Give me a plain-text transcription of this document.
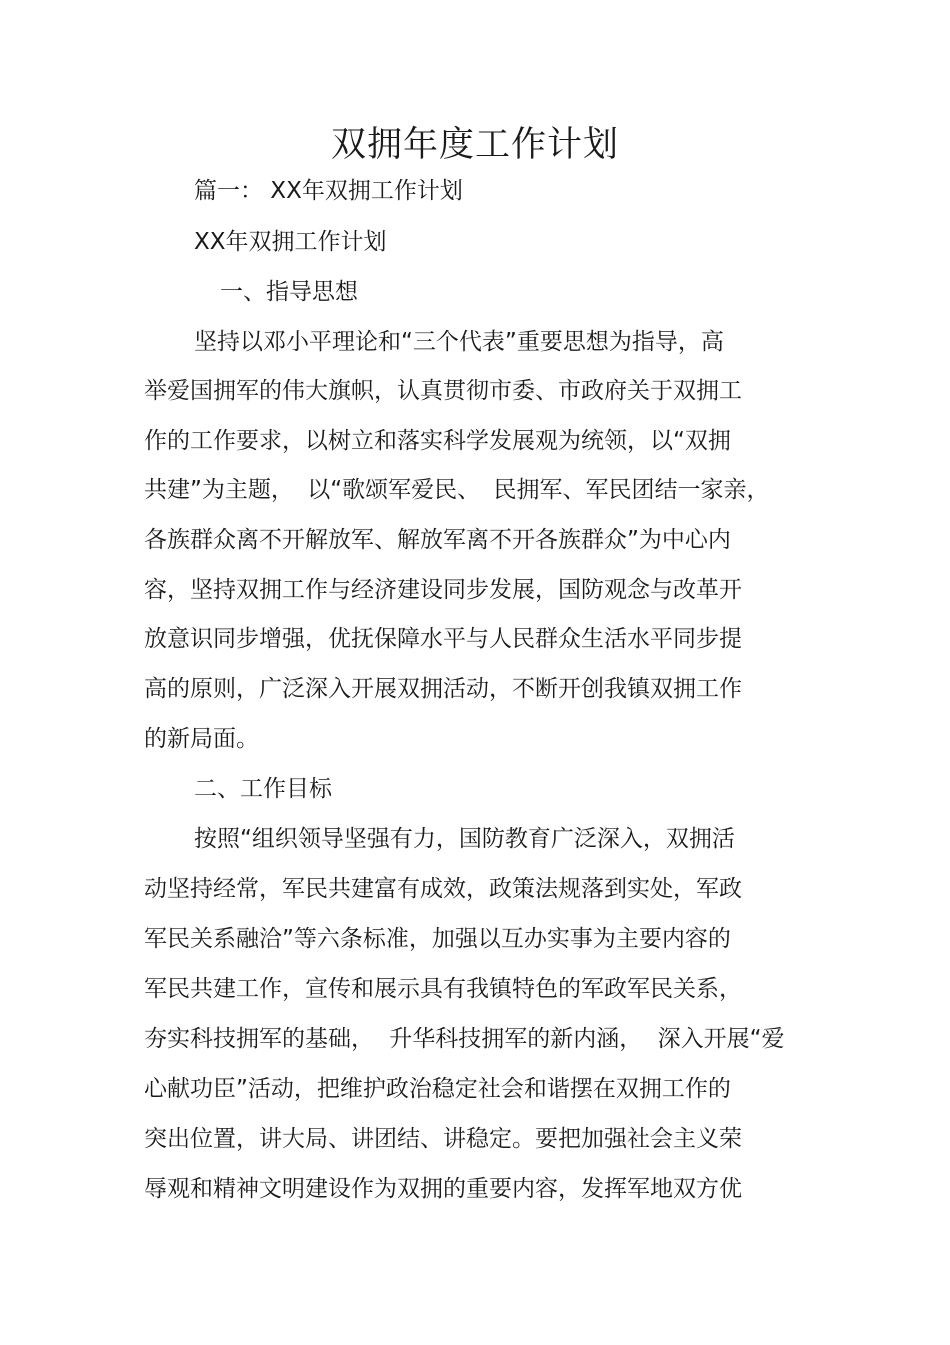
双拥年度工作计划

篇一： XX年双拥工作计划

XX年双拥工作计划

一、指导思想

坚持以邓小平理论和“三个代表”重要思想为指导，高

举爱国拥军的伟大旗帜，认真贯彻市委、市政府关于双拥工

作的工作要求，以树立和落实科学发展观为统领，以“双拥

共建”为主题， 以“歌颂军爱民、 民拥军、军民团结一家亲，

各族群众离不开解放军、解放军离不开各族群众”为中心内

容，坚持双拥工作与经济建设同步发展，国防观念与改革开

放意识同步增强，优抚保障水平与人民群众生活水平同步提

高的原则，广泛深入开展双拥活动，不断开创我镇双拥工作

的新局面。

二、工作目标

按照“组织领导坚强有力，国防教育广泛深入，双拥活

动坚持经常，军民共建富有成效，政策法规落到实处，军政

军民关系融洽”等六条标准，加强以互办实事为主要内容的

军民共建工作，宣传和展示具有我镇特色的军政军民关系，

夯实科技拥军的基础， 升华科技拥军的新内涵， 深入开展“爱

心献功臣”活动，把维护政治稳定社会和谐摆在双拥工作的

突出位置，讲大局、讲团结、讲稳定。要把加强社会主义荣

辱观和精神文明建设作为双拥的重要内容，发挥军地双方优
